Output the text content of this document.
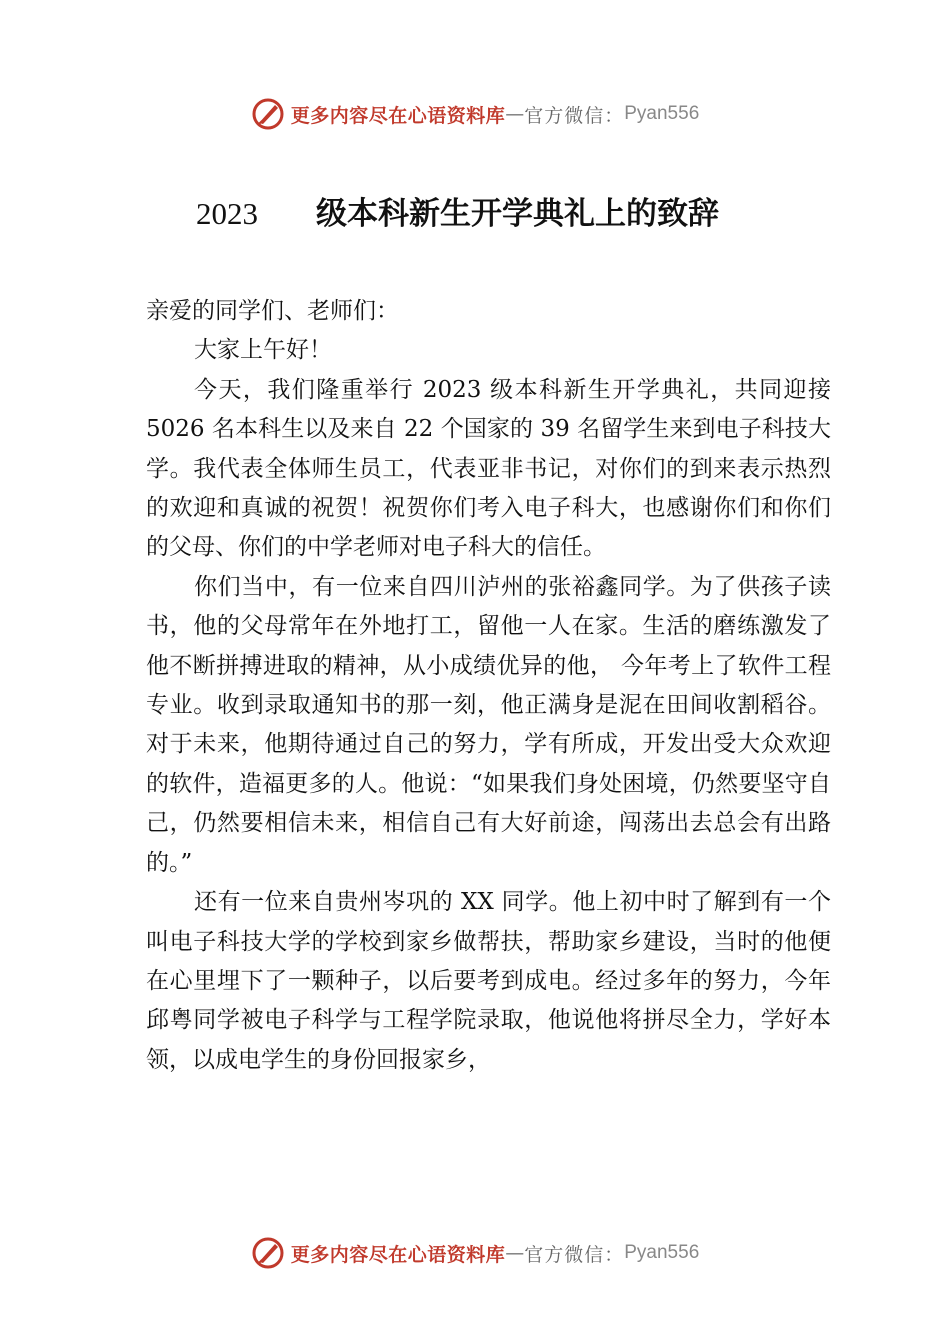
更多内容尽在心语资料库 — 官方微信： Pyan556
2023 级本科新生开学典礼上的致辞

亲爱的同学们、老师们：

大家上午好！

今天，我们隆重举行 2023 级本科新生开学典礼，共同迎接 5026 名本科生以及来自 22 个国家的 39 名留学生来到电子科技大学。我代表全体师生员工，代表亚非书记，对你们的到来表示热烈的欢迎和真诚的祝贺！祝贺你们考入电子科大，也感谢你们和你们的父母、你们的中学老师对电子科大的信任。

你们当中，有一位来自四川泸州的张裕鑫同学。为了供孩子读书，他的父母常年在外地打工，留他一人在家。生活的磨练激发了他不断拼搏进取的精神，从小成绩优异的他， 今年考上了软件工程专业。收到录取通知书的那一刻，他正满身是泥在田间收割稻谷。对于未来，他期待通过自己的努力，学有所成，开发出受大众欢迎的软件，造福更多的人。他说：“如果我们身处困境，仍然要坚守自己，仍然要相信未来，相信自己有大好前途，闯荡出去总会有出路的。”

还有一位来自贵州岑巩的 XX 同学。他上初中时了解到有一个叫电子科技大学的学校到家乡做帮扶，帮助家乡建设，当时的他便在心里埋下了一颗种子，以后要考到成电。经过多年的努力，今年邱粤同学被电子科学与工程学院录取，他说他将拼尽全力，学好本领，以成电学生的身份回报家乡，

更多内容尽在心语资料库 — 官方微信： Pyan556
